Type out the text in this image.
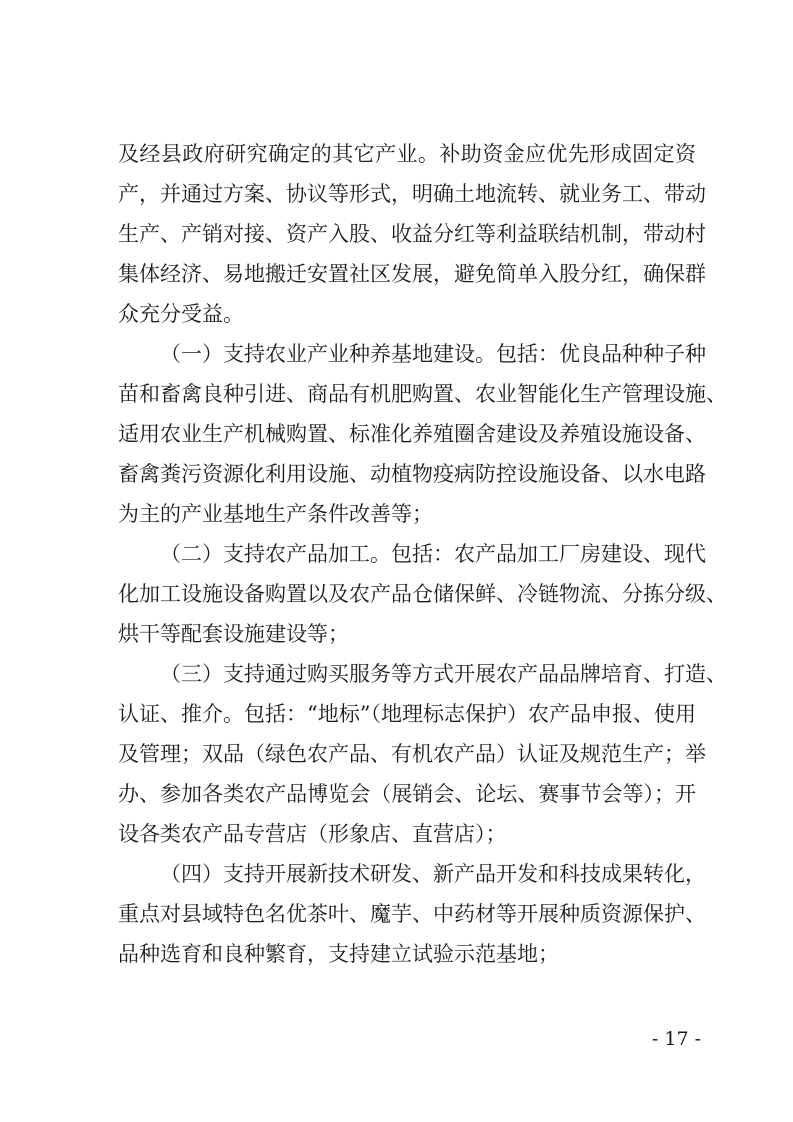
及经县政府研究确定的其它产业。补助资金应优先形成固定资
产，并通过方案、协议等形式，明确土地流转、就业务工、带动
生产、产销对接、资产入股、收益分红等利益联结机制，带动村
集体经济、易地搬迁安置社区发展，避免简单入股分红，确保群
众充分受益。
（一）支持农业产业种养基地建设。包括：优良品种种子种
苗和畜禽良种引进、商品有机肥购置、农业智能化生产管理设施、
适用农业生产机械购置、标准化养殖圈舍建设及养殖设施设备、
畜禽粪污资源化利用设施、动植物疫病防控设施设备、以水电路
为主的产业基地生产条件改善等；
（二）支持农产品加工。包括：农产品加工厂房建设、现代
化加工设施设备购置以及农产品仓储保鲜、冷链物流、分拣分级、
烘干等配套设施建设等；
（三）支持通过购买服务等方式开展农产品品牌培育、打造、
认证、推介。包括：“地标”（地理标志保护）农产品申报、使用
及管理；双品（绿色农产品、有机农产品）认证及规范生产；举
办、参加各类农产品博览会（展销会、论坛、赛事节会等）；开
设各类农产品专营店（形象店、直营店）；
（四）支持开展新技术研发、新产品开发和科技成果转化，
重点对县域特色名优茶叶、魔芋、中药材等开展种质资源保护、
品种选育和良种繁育，支持建立试验示范基地；
- 17 -
